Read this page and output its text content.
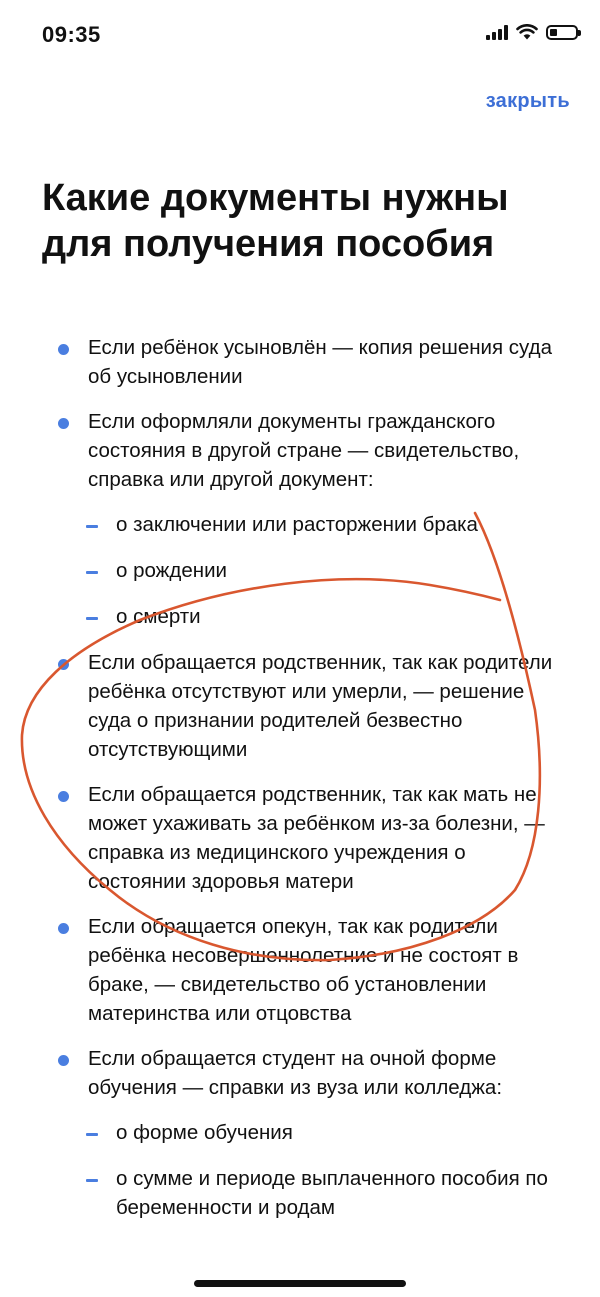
09:35
закрыть
Какие документы нужны для получения пособия
Если ребёнок усыновлён — копия решения суда об усыновлении
Если оформляли документы гражданского состояния в другой стране — свидетельство, справка или другой документ:
о заключении или расторжении брака
о рождении
о смерти
Если обращается родственник, так как родители ребёнка отсутствуют или умерли, — решение суда о признании родителей безвестно отсутствующими
Если обращается родственник, так как мать не может ухаживать за ребёнком из-за болезни, — справка из медицинского учреждения о состоянии здоровья матери
Если обращается опекун, так как родители ребёнка несовершеннолетние и не состоят в браке, — свидетельство об установлении материнства или отцовства
Если обращается студент на очной форме обучения — справки из вуза или колледжа:
о форме обучения
о сумме и периоде выплаченного пособия по беременности и родам
